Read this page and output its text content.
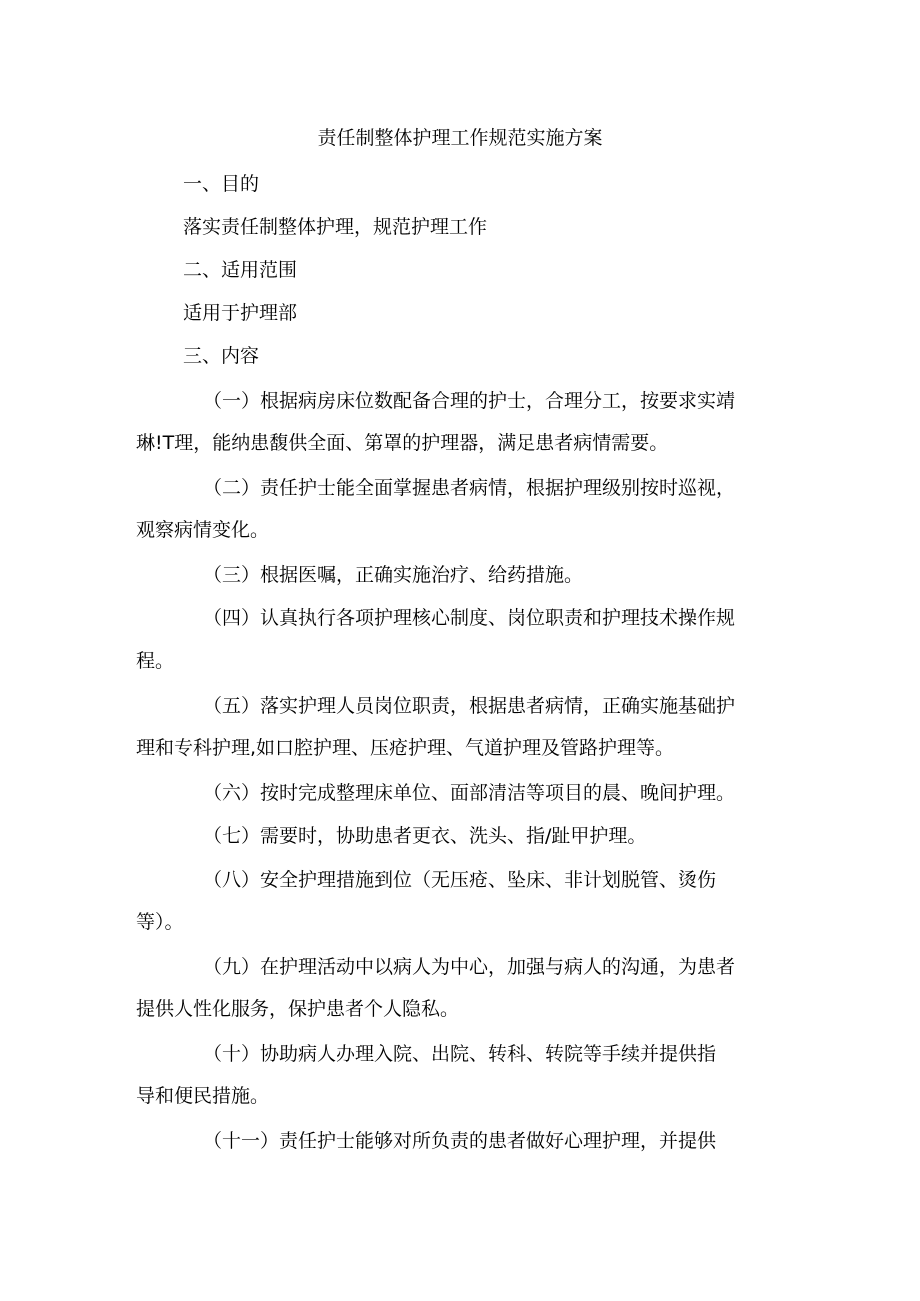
责任制整体护理工作规范实施方案
一、目的
落实责任制整体护理，规范护理工作
二、适用范围
适用于护理部
三、内容
（一）根据病房床位数配备合理的护士，合理分工，按要求实靖
琳!T理，能纳患馥供全面、第罩的护理器，满足患者病情需要。
（二）责任护士能全面掌握患者病情，根据护理级别按时巡视，
观察病情变化。
（三）根据医嘱，正确实施治疗、给药措施。
（四）认真执行各项护理核心制度、岗位职责和护理技术操作规
程。
（五）落实护理人员岗位职责，根据患者病情，正确实施基础护
理和专科护理,如口腔护理、压疮护理、气道护理及管路护理等。
（六）按时完成整理床单位、面部清洁等项目的晨、晚间护理。
（七）需要时，协助患者更衣、洗头、指/趾甲护理。
（八）安全护理措施到位（无压疮、坠床、非计划脱管、烫伤
等）。
（九）在护理活动中以病人为中心，加强与病人的沟通，为患者
提供人性化服务，保护患者个人隐私。
（十）协助病人办理入院、出院、转科、转院等手续并提供指
导和便民措施。
（十一）责任护士能够对所负责的患者做好心理护理，并提供
